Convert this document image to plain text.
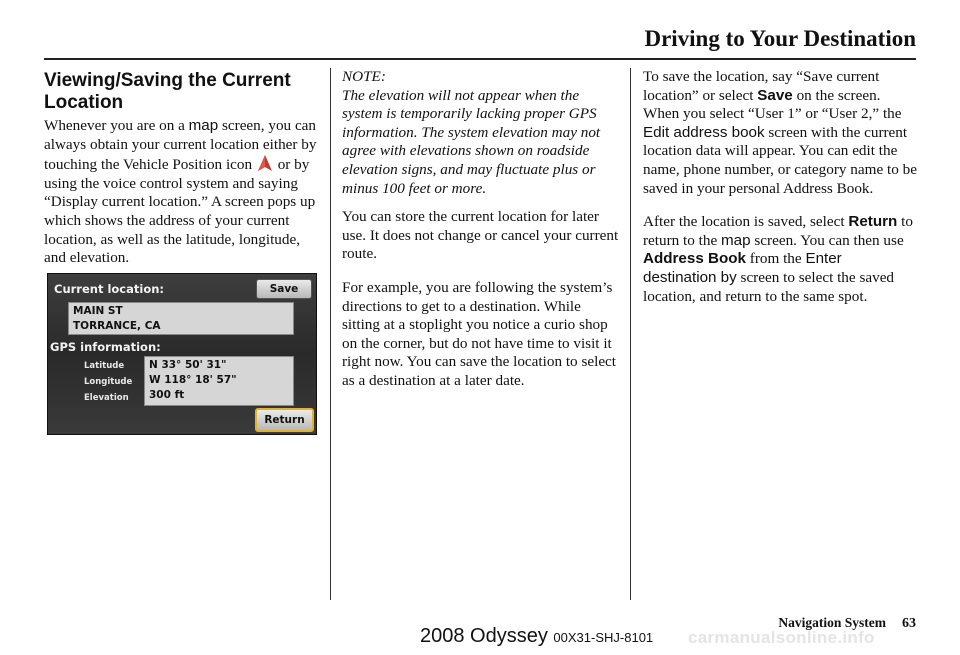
Driving to Your Destination
Viewing/Saving the Current Location

Whenever you are on a map screen, you can always obtain your current location either by touching the Vehicle Position icon  or by using the voice control system and saying “Display current location.” A screen pops up which shows the address of your current location, as well as the latitude, longitude, and elevation.

Current location:	Save
MAIN ST
TORRANCE, CA
GPS information:
Latitude
Longitude
Elevation
N 33° 50' 31"
W 118° 18' 57"
300 ft
Return
NOTE:
The elevation will not appear when the system is temporarily lacking proper GPS information. The system elevation may not agree with elevations shown on roadside elevation signs, and may fluctuate plus or minus 100 feet or more.

You can store the current location for later use. It does not change or cancel your current route.

For example, you are following the system’s directions to get to a destination. While sitting at a stoplight you notice a curio shop on the corner, but do not have time to visit it right now. You can save the location to select as a destination at a later date.

To save the location, say “Save current location” or select Save on the screen. When you select “User 1” or “User 2,” the Edit address book screen with the current location data will appear. You can edit the name, phone number, or category name to be saved in your personal Address Book.

After the location is saved, select Return to return to the map screen. You can then use Address Book from the Enter destination by screen to select the saved location, and return to the same spot.

Navigation System 63
2008 Odyssey 00X31-SHJ-8101 carmanualsonline.info
